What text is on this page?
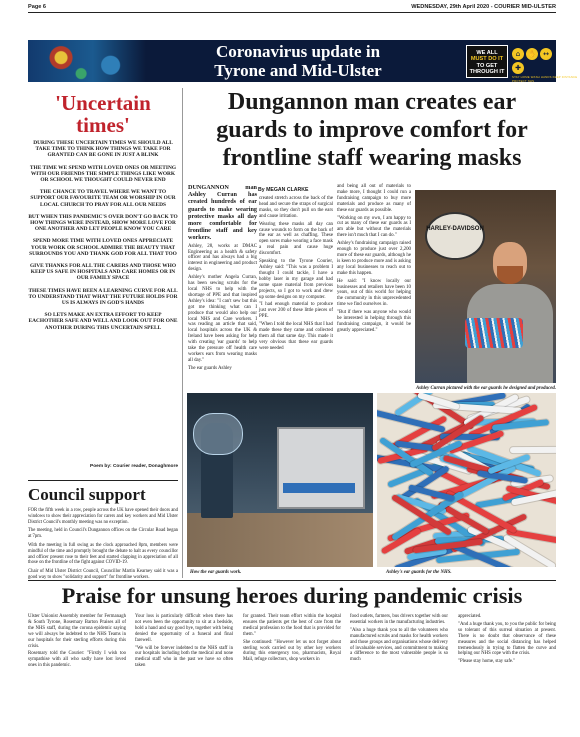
Page 6	WEDNESDAY, 29th April 2020 - COURIER MID-ULSTER
Coronavirus update in
Tyrone and Mid-Ulster
WE ALL
MUST DO IT
TO GET
THROUGH IT
⌂	✋ ↔
✚
STAY HOME WASH HANDS KEEP DISTANCE PROTECT NHS
'Uncertain
times'

DURING THESE UNCERTAIN TIMES WE SHOULD ALL TAKE TIME TO THINK HOW THINGS WE TAKE FOR GRANTED CAN BE GONE IN JUST A BLINK

THE TIME WE SPEND WITH LOVED ONES OR MEETING WITH OUR FRIENDS THE SIMPLE THINGS LIKE WORK OR SCHOOL WE THOUGHT COULD NEVER END

THE CHANCE TO TRAVEL WHERE WE WANT TO SUPPORT OUR FAVOURITE TEAM OR WORSHIP IN OUR LOCAL CHURCH TO PRAY FOR ALL OUR NEEDS

BUT WHEN THIS PANDEMIC'S OVER DON'T GO BACK TO HOW THINGS WERE INSTEAD, SHOW MORE LOVE FOR ONE ANOTHER AND LET PEOPLE KNOW YOU CARE

SPEND MORE TIME WITH LOVED ONES APPRECIATE YOUR WORK OR SCHOOL ADMIRE THE BEAUTY THAT SURROUNDS YOU AND THANK GOD FOR ALL THAT TOO

GIVE THANKS FOR ALL THE CARERS AND THOSE WHO KEEP US SAFE IN HOSPITALS AND CARE HOMES OR IN OUR FAMILY SPACE

THESE TIMES HAVE BEEN A LEARNING CURVE FOR ALL TO UNDERSTAND THAT WHAT THE FUTURE HOLDS FOR US IS ALWAYS IN GOD'S HANDS

SO LETS MAKE AN EXTRA EFFORT TO KEEP EACHOTHER SAFE AND WELL AND LOOK OUT FOR ONE ANOTHER DURING THIS UNCERTAIN SPELL

Poem by: Courier reader, Donaghmore
Council support

FOR the fifth week in a row, people across the UK have opened their doors and windows to show their appreciation for carers and key workers and Mid Ulster District Council's monthly meeting was no exception.

The meeting, held in Council's Dungannon offices on the Circular Road began at 7pm.

With the meeting in full swing as the clock approached 8pm, members were mindful of the time and promptly brought the debate to halt as every councillor and officer present rose to their feet and started clapping in appreciation of all those on the frontline of the fight against COVID-19.

Chair of Mid Ulster District Council, Councillor Martin Kearney said it was a good way to show "solidarity and support" for frontline workers.

Dungannon man creates ear guards to improve comfort for frontline staff wearing masks
By MEGAN CLARKE

DUNGANNON man Ashley Curran has created hundreds of ear guards to make wearing protective masks all day more comfortable for frontline staff and key workers.

Ashley, 28, works at DMAC Engineering as a health & safety officer and has always had a big interest in engineering and product design.

Ashley's mother Angela Curran, has been sewing scrubs for the local NHS to help with the shortage of PPE and that inspired Ashley's idea: "I can't sew but this got me thinking what can I produce that would also help our local NHS and Care workers. I was reading an article that said, local hospitals across the UK & Ireland have been asking for help with creating 'ear guards' to help take the pressure off health care workers ears from wearing masks all day."

The ear guards Ashley

created stretch across the back of the head and secure the straps of surgical masks, so they don't pull on the ears and cause irritation.

Wearing these masks all day can cause wounds to form on the back of the ear as well as chaffing. These open sores make wearing a face mask a real pain and cause huge discomfort.

Speaking to the Tyrone Courier, Ashley said: "This was a problem I thought I could tackle, I have a hobby laser in my garage and had some spare material from previous projects, so I got to work and drew up some designs on my computer.

"I had enough material to produce just over 200 of these little pieces of PPE.

"When I told the local NHS that I had made these they came and collected them all that same day. This made it very obvious that these ear guards were needed

and being all out of materials to make more, I thought I could run a fundraising campaign to buy more materials and produce as many of these ear guards as possible.

"Working on my own, I am happy to cut as many of these ear guards as I am able but without the materials there isn't much that I can do."

Ashley's fundraising campaign raised enough to produce just over 2,200 more of these ear guards, although he is keen to produce more and is asking any local businesses to reach out to make this happen.

He said: "I know locally our businesses and retailers have been 10 years, out of this world for helping the community in this unprecedented time we find ourselves in.

"But if there was anyone who would be interested in helping through this fundraising campaign, it would be greatly appreciated."

HARLEY-DAVIDSON
Ashley Curran pictured with the ear guards he designed and produced.
How the ear guards work.	Ashley's ear guards for the NHS.
Praise for unsung heroes during pandemic crisis

Ulster Unionist Assembly member for Fermanagh & South Tyrone, Rosemary Barton Praises all of the NHS staff, during the corona epidemic saying we will always be indebted to the NHS Teams in our hospitals for their sterling efforts during this crisis.

Rosemary told the Courier: "Firstly I wish too sympathise with all who sadly have lost loved ones in this pandemic.

Your loss is particularly difficult when there has not even been the opportunity to sit at a bedside, hold a hand and say good bye, together with being denied the opportunity of a funeral and final farewell.

"We will be forever indebted to the NHS staff in our hospitals including both the medical and none medical staff who in the past we have so often taken

for granted. Their team effort within the hospital ensures the patients get the best of care from the medical profession to the food that is provided for them."

She continued: "However let us not forget about sterling work carried out by other key workers during this emergency too, pharmacists, Royal Mail, refuge collectors, shop workers in

food outlets, farmers, bus drivers together with our essential workers in the manufacturing industries.

"Also a huge thank you to all the volunteers who manufactured scrubs and masks for health workers and those groups and organisations whose delivery of invaluable services, and commitment to making a difference to the most vulnerable people is so much

appreciated.

"And a huge thank you, to you the public for being so tolerant of this surreal situation at present. There is no doubt that observance of these measures and the social distancing has helped tremendously in trying to flatten the curve and helping our NHS cope with the crisis.

"Please stay home, stay safe."
